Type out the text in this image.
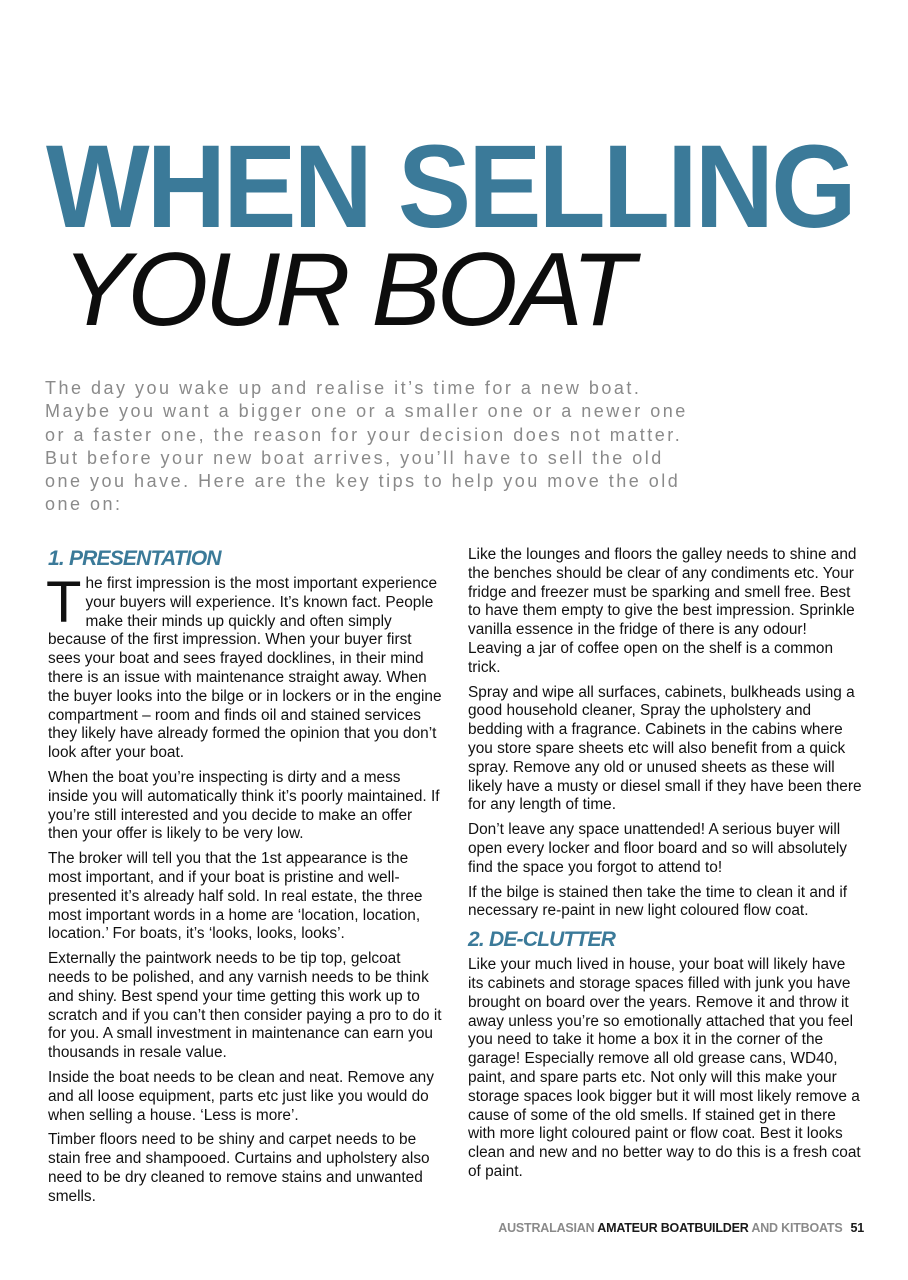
WHEN SELLING
YOUR BOAT

The day you wake up and realise it’s time for a new boat. Maybe you want a bigger one or a smaller one or a newer one or a faster one, the reason for your decision does not matter. But before your new boat arrives, you’ll have to sell the old one you have. Here are the key tips to help you move the old one on:

1. PRESENTATION

The first impression is the most important experience your buyers will experience. It’s known fact. People make their minds up quickly and often simply because of the first impression. When your buyer first sees your boat and sees frayed docklines, in their mind there is an issue with maintenance straight away. When the buyer looks into the bilge or in lockers or in the engine compartment – room and finds oil and stained services they likely have already formed the opinion that you don’t look after your boat.

When the boat you’re inspecting is dirty and a mess inside you will automatically think it’s poorly maintained. If you’re still interested and you decide to make an offer then your offer is likely to be very low.

The broker will tell you that the 1st appearance is the most important, and if your boat is pristine and well-presented it’s already half sold. In real estate, the three most important words in a home are ‘location, location, location.’ For boats, it’s ‘looks, looks, looks’.

Externally the paintwork needs to be tip top, gelcoat needs to be polished, and any varnish needs to be think and shiny. Best spend your time getting this work up to scratch and if you can’t then consider paying a pro to do it for you. A small investment in maintenance can earn you thousands in resale value.

Inside the boat needs to be clean and neat. Remove any and all loose equipment, parts etc just like you would do when selling a house. ‘Less is more’.

Timber floors need to be shiny and carpet needs to be stain free and shampooed. Curtains and upholstery also need to be dry cleaned to remove stains and unwanted smells.

Like the lounges and floors the galley needs to shine and the benches should be clear of any condiments etc. Your fridge and freezer must be sparking and smell free. Best to have them empty to give the best impression. Sprinkle vanilla essence in the fridge of there is any odour! Leaving a jar of coffee open on the shelf is a common trick.

Spray and wipe all surfaces, cabinets, bulkheads using a good household cleaner, Spray the upholstery and bedding with a fragrance. Cabinets in the cabins where you store spare sheets etc will also benefit from a quick spray. Remove any old or unused sheets as these will likely have a musty or diesel small if they have been there for any length of time.

Don’t leave any space unattended! A serious buyer will open every locker and floor board and so will absolutely find the space you forgot to attend to!

If the bilge is stained then take the time to clean it and if necessary re-paint in new light coloured flow coat.

2. DE-CLUTTER

Like your much lived in house, your boat will likely have its cabinets and storage spaces filled with junk you have brought on board over the years. Remove it and throw it away unless you’re so emotionally attached that you feel you need to take it home a box it in the corner of the garage! Especially remove all old grease cans, WD40, paint, and spare parts etc. Not only will this make your storage spaces look bigger but it will most likely remove a cause of some of the old smells. If stained get in there with more light coloured paint or flow coat. Best it looks clean and new and no better way to do this is a fresh coat of paint.

AUSTRALASIAN AMATEUR BOATBUILDER AND KITBOATS 51
